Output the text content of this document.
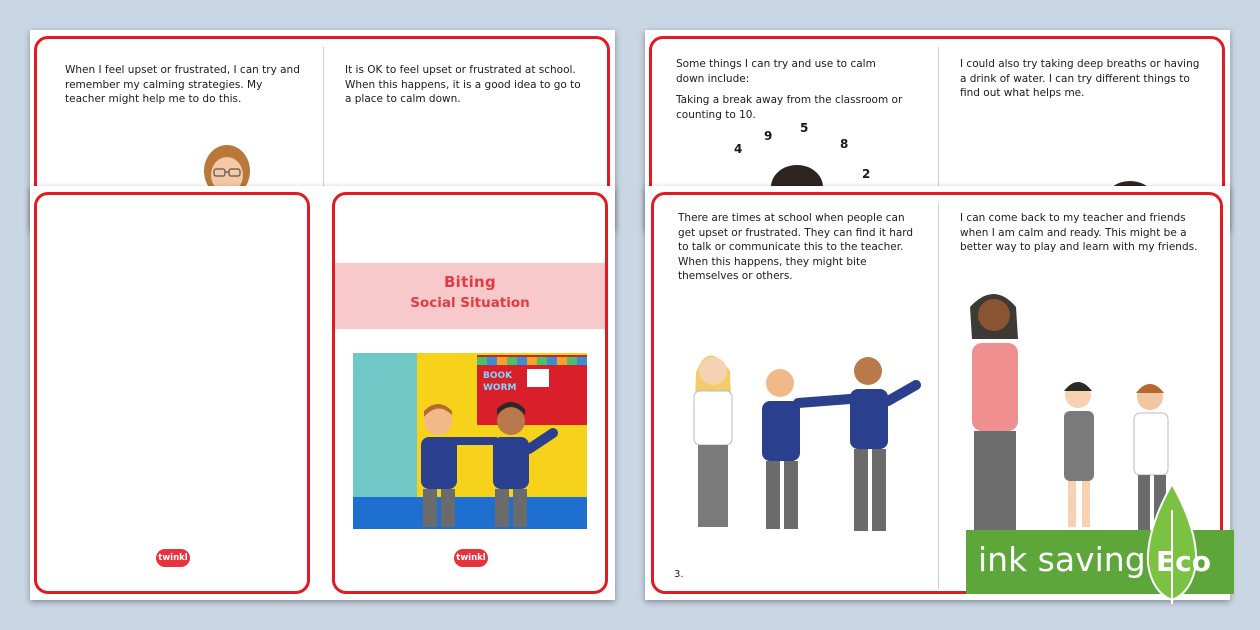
When I feel upset or frustrated, I can try and remember my calming strategies. My teacher might help me to do this.
It is OK to feel upset or frustrated at school. When this happens, it is a good idea to go to a place to calm down.
Some things I can try and use to calm down include:
Taking a break away from the classroom or counting to 10.
4
9
5
8
2
I could also try taking deep breaths or having a drink of water. I can try different things to find out what helps me.
twinkl
Biting
Social Situation
BOOK
WORM
twinkl
There are times at school when people can get upset or frustrated. They can find it hard to talk or communicate this to the teacher. When this happens, they might bite themselves or others.
I can come back to my teacher and friends when I am calm and ready. This might be a better way to play and learn with my friends.
3.	ink saving Eco
